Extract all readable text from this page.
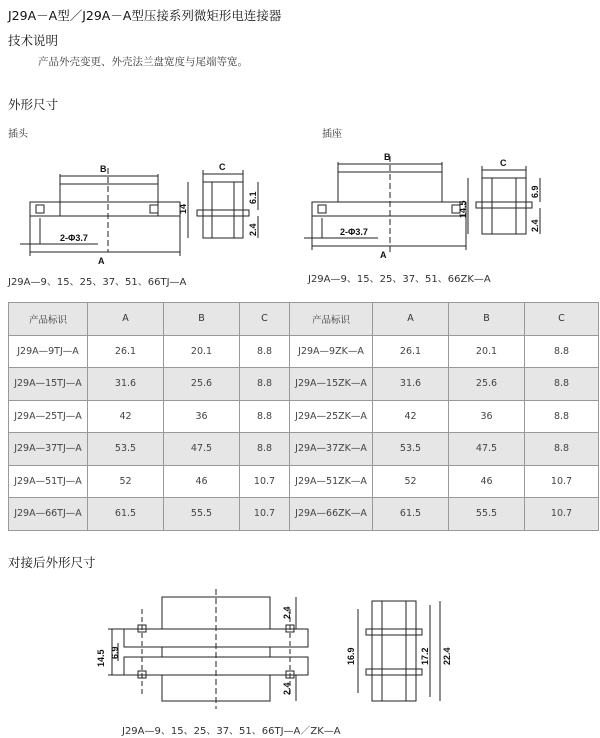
J29A－A型／J29A－A型压接系列微矩形电连接器
技术说明
产品外壳变更、外壳法兰盘宽度与尾端等宽。
外形尺寸
插头	插座
B
A
2-Φ3.7
C
14
6.1
2.4
B
A
2-Φ3.7
C
14.5
6.9
2.4
J29A—9、15、25、37、51、66TJ—A	J29A—9、15、25、37、51、66ZK—A
产品标识	A	B	C	产品标识	A	B	C
J29A—9TJ—A	26.1	20.1	8.8	J29A—9ZK—A	26.1	20.1	8.8
J29A—15TJ—A	31.6	25.6	8.8	J29A—15ZK—A	31.6	25.6	8.8
J29A—25TJ—A	42	36	8.8	J29A—25ZK—A	42	36	8.8
J29A—37TJ—A	53.5	47.5	8.8	J29A—37ZK—A	53.5	47.5	8.8
J29A—51TJ—A	52	46	10.7	J29A—51ZK—A	52	46	10.7
J29A—66TJ—A	61.5	55.5	10.7	J29A—66ZK—A	61.5	55.5	10.7
对接后外形尺寸
2.4
2.4
14.5 6.9	16.9	17.2 22.4
J29A—9、15、25、37、51、66TJ—A／ZK—A
